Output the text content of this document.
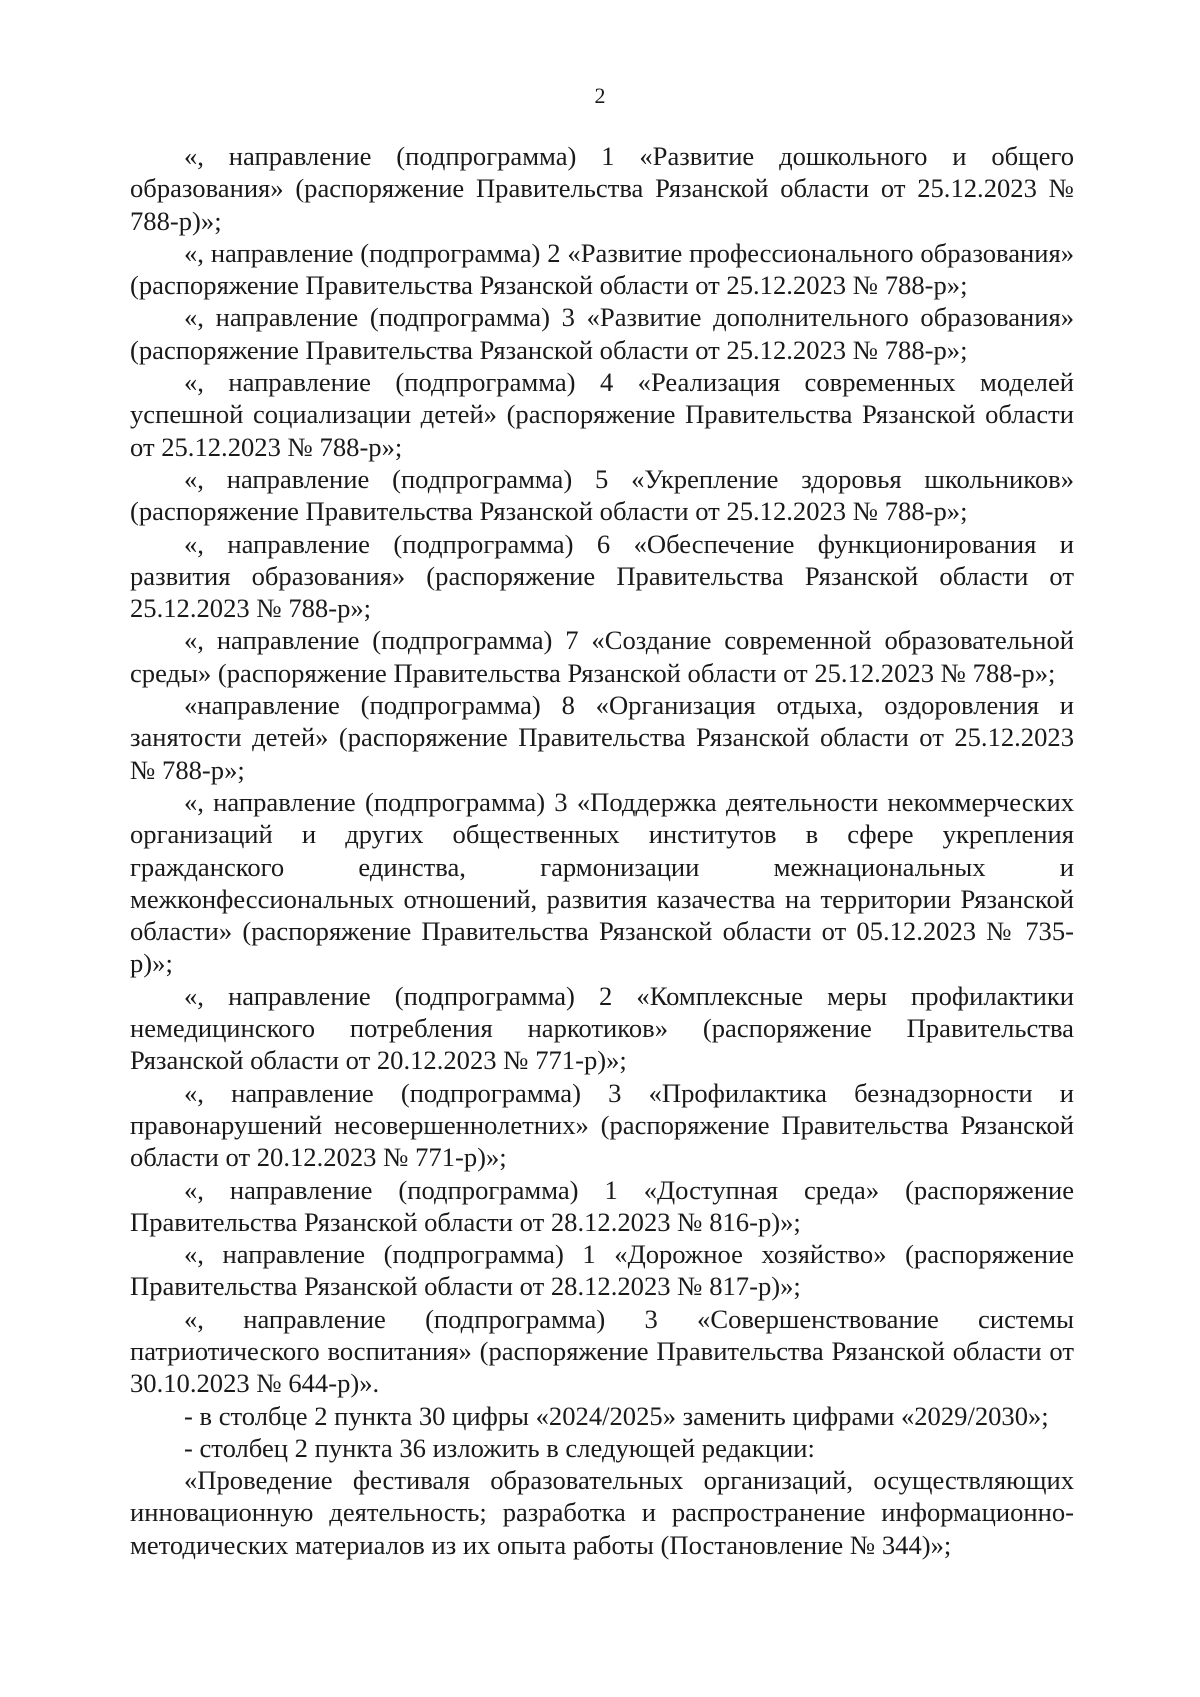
2

«, направление (подпрограмма) 1 «Развитие дошкольного и общего образования» (распоряжение Правительства Рязанской области от 25.12.2023 № 788-р)»;

«, направление (подпрограмма) 2 «Развитие профессионального образования» (распоряжение Правительства Рязанской области от 25.12.2023 № 788-р»;

«, направление (подпрограмма) 3 «Развитие дополнительного образования» (распоряжение Правительства Рязанской области от 25.12.2023 № 788-р»;

«, направление (подпрограмма) 4 «Реализация современных моделей успешной социализации детей» (распоряжение Правительства Рязанской области от 25.12.2023 № 788-р»;

«, направление (подпрограмма) 5 «Укрепление здоровья школьников» (распоряжение Правительства Рязанской области от 25.12.2023 № 788-р»;

«, направление (подпрограмма) 6 «Обеспечение функционирования и развития образования» (распоряжение Правительства Рязанской области от 25.12.2023 № 788-р»;

«, направление (подпрограмма) 7 «Создание современной образовательной среды» (распоряжение Правительства Рязанской области от 25.12.2023 № 788-р»;

«направление (подпрограмма) 8 «Организация отдыха, оздоровления и занятости детей» (распоряжение Правительства Рязанской области от 25.12.2023 № 788-р»;

«, направление (подпрограмма) 3 «Поддержка деятельности некоммерческих организаций и других общественных институтов в сфере укрепления гражданского единства, гармонизации межнациональных и межконфессиональных отношений, развития казачества на территории Рязанской области» (распоряжение Правительства Рязанской области от 05.12.2023 № 735-р)»;

«, направление (подпрограмма) 2 «Комплексные меры профилактики немедицинского потребления наркотиков» (распоряжение Правительства Рязанской области от 20.12.2023 № 771-р)»;

«, направление (подпрограмма) 3 «Профилактика безнадзорности и правонарушений несовершеннолетних» (распоряжение Правительства Рязанской области от 20.12.2023 № 771-р)»;

«, направление (подпрограмма) 1 «Доступная среда» (распоряжение Правительства Рязанской области от 28.12.2023 № 816-р)»;

«, направление (подпрограмма) 1 «Дорожное хозяйство» (распоряжение Правительства Рязанской области от 28.12.2023 № 817-р)»;

«, направление (подпрограмма) 3 «Совершенствование системы патриотического воспитания» (распоряжение Правительства Рязанской области от 30.10.2023 № 644-р)».

- в столбце 2 пункта 30 цифры «2024/2025» заменить цифрами «2029/2030»;

- столбец 2 пункта 36 изложить в следующей редакции:

«Проведение фестиваля образовательных организаций, осуществляющих инновационную деятельность; разработка и распространение информационно-методических материалов из их опыта работы (Постановление № 344)»;
